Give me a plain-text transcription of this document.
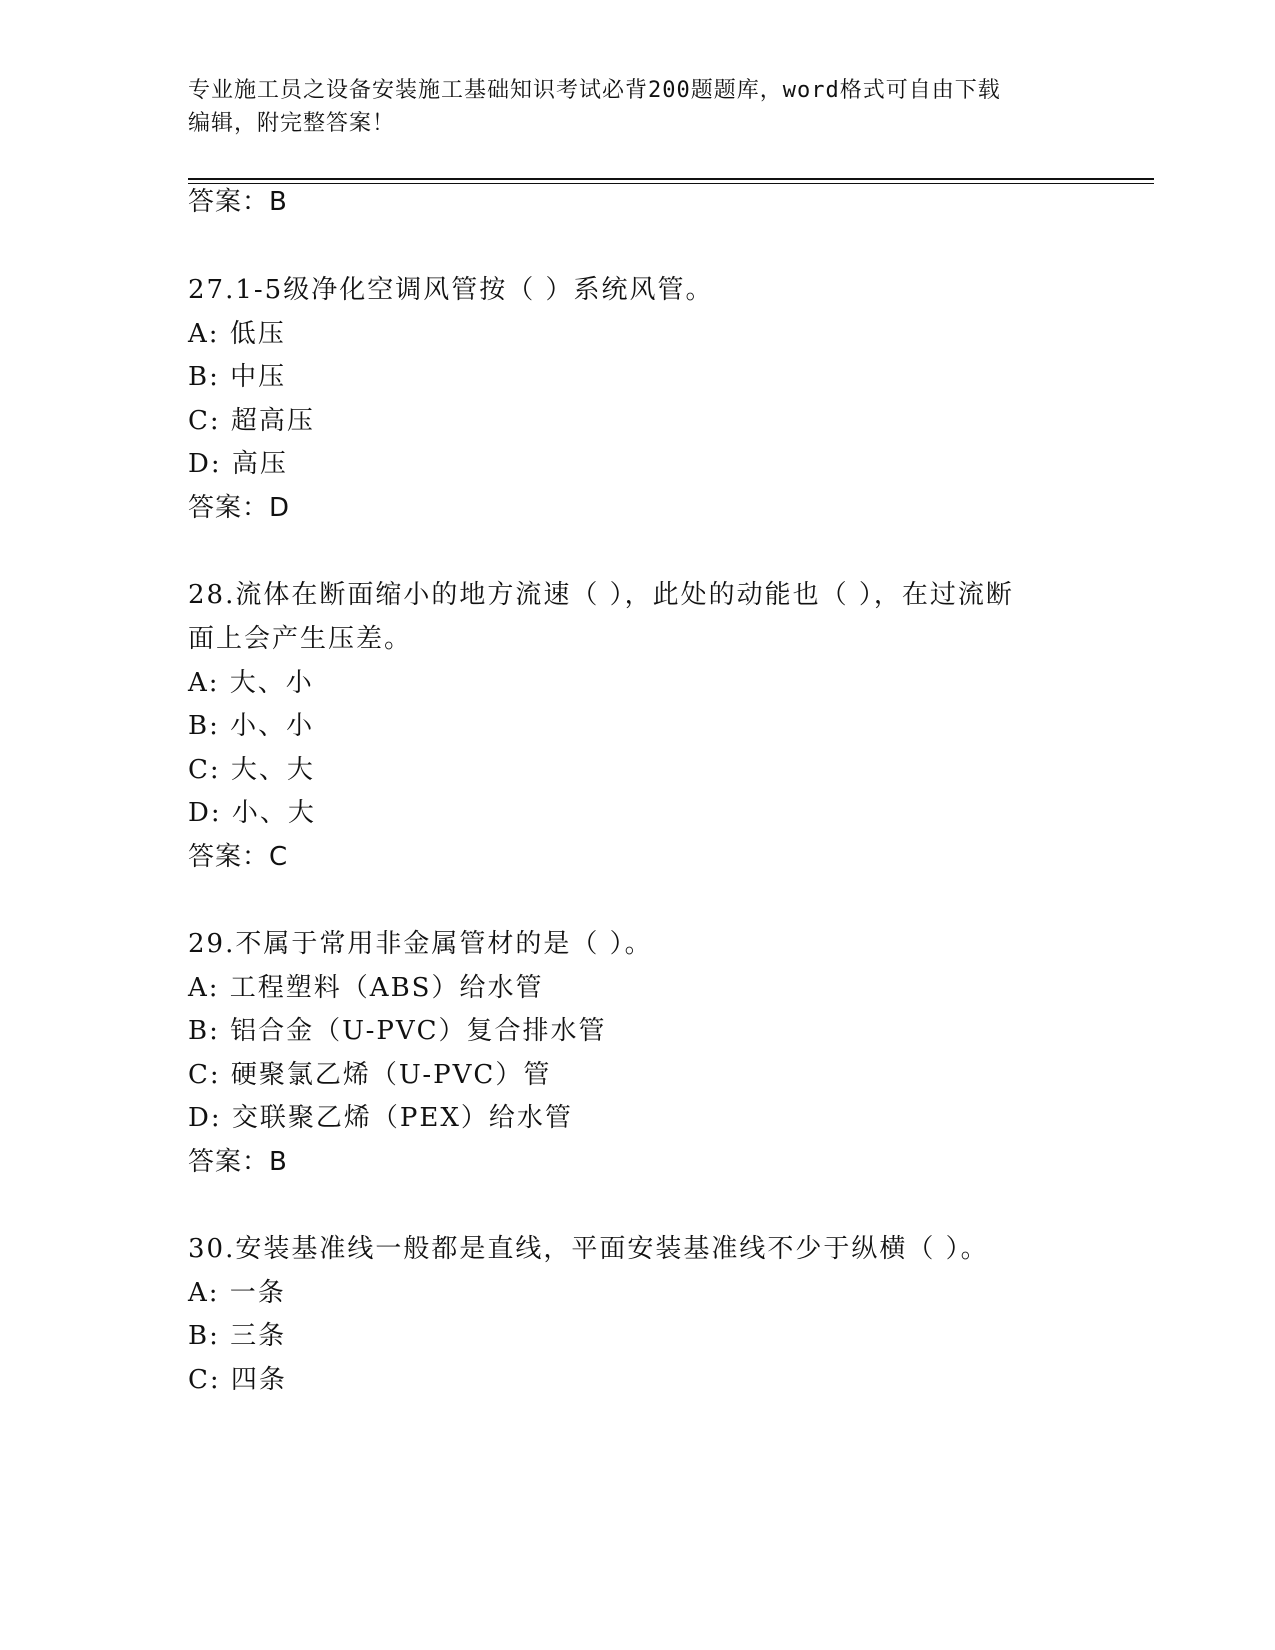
专业施工员之设备安装施工基础知识考试必背200题题库，word格式可自由下载
编辑，附完整答案！
答案：B
27.1-5级净化空调风管按（ ）系统风管。
A: 低压
B: 中压
C: 超高压
D: 高压
答案：D
28.流体在断面缩小的地方流速（ ），此处的动能也（ ），在过流断
面上会产生压差。
A: 大、小
B: 小、小
C: 大、大
D: 小、大
答案：C
29.不属于常用非金属管材的是（ ）。
A: 工程塑料（ABS）给水管
B: 铝合金（U-PVC）复合排水管
C: 硬聚氯乙烯（U-PVC）管
D: 交联聚乙烯（PEX）给水管
答案：B
30.安装基准线一般都是直线，平面安装基准线不少于纵横（ ）。
A: 一条
B: 三条
C: 四条
